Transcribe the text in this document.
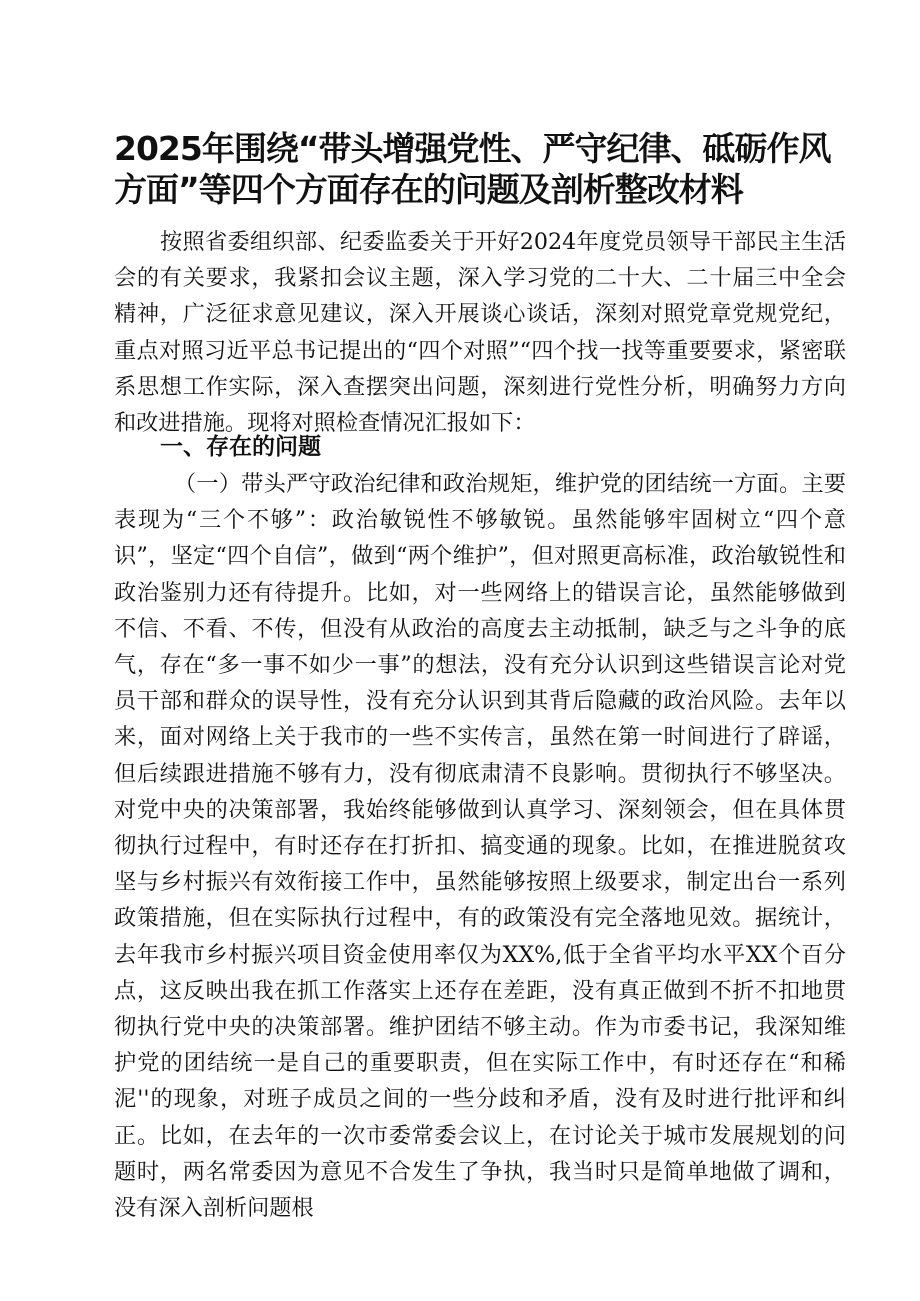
2025年围绕“带头增强党性、严守纪律、砥砺作风方面”等四个方面存在的问题及剖析整改材料

按照省委组织部、纪委监委关于开好2024年度党员领导干部民主生活会的有关要求，我紧扣会议主题，深入学习党的二十大、二十届三中全会精神，广泛征求意见建议，深入开展谈心谈话，深刻对照党章党规党纪，重点对照习近平总书记提出的“四个对照”“四个找一找等重要要求，紧密联系思想工作实际，深入查摆突出问题，深刻进行党性分析，明确努力方向和改进措施。现将对照检查情况汇报如下：

一、存在的问题

（一）带头严守政治纪律和政治规矩，维护党的团结统一方面。主要表现为“三个不够”：政治敏锐性不够敏锐。虽然能够牢固树立“四个意识”，坚定“四个自信”，做到“两个维护”，但对照更高标准，政治敏锐性和政治鉴别力还有待提升。比如，对一些网络上的错误言论，虽然能够做到不信、不看、不传，但没有从政治的高度去主动抵制，缺乏与之斗争的底气，存在“多一事不如少一事”的想法，没有充分认识到这些错误言论对党员干部和群众的误导性，没有充分认识到其背后隐藏的政治风险。去年以来，面对网络上关于我市的一些不实传言，虽然在第一时间进行了辟谣，但后续跟进措施不够有力，没有彻底肃清不良影响。贯彻执行不够坚决。对党中央的决策部署，我始终能够做到认真学习、深刻领会，但在具体贯彻执行过程中，有时还存在打折扣、搞变通的现象。比如，在推进脱贫攻坚与乡村振兴有效衔接工作中，虽然能够按照上级要求，制定出台一系列政策措施，但在实际执行过程中，有的政策没有完全落地见效。据统计，去年我市乡村振兴项目资金使用率仅为XX%,低于全省平均水平XX个百分点，这反映出我在抓工作落实上还存在差距，没有真正做到不折不扣地贯彻执行党中央的决策部署。维护团结不够主动。作为市委书记，我深知维护党的团结统一是自己的重要职责，但在实际工作中，有时还存在“和稀泥''的现象，对班子成员之间的一些分歧和矛盾，没有及时进行批评和纠正。比如，在去年的一次市委常委会议上，在讨论关于城市发展规划的问题时，两名常委因为意见不合发生了争执，我当时只是简单地做了调和，没有深入剖析问题根
